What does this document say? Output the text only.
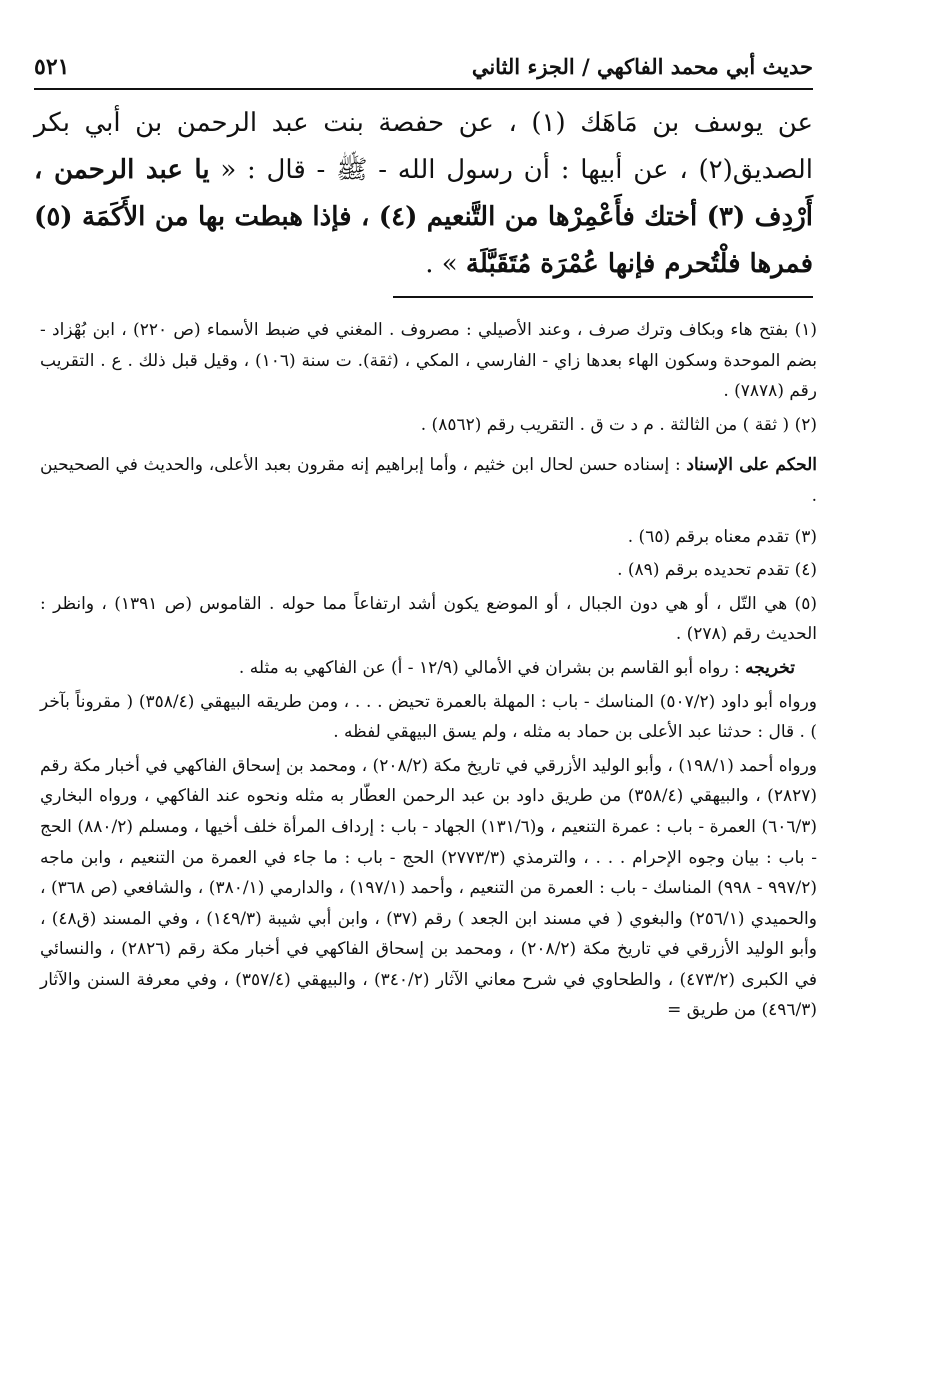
حديث أبي محمد الفاكهي / الجزء الثاني
٥٢١

عن يوسف بن مَاهَك (١) ، عن حفصة بنت عبد الرحمن بن أبي بكر الصديق(٢) ، عن أبيها : أن رسول الله - ﷺ - قال : « يا عبد الرحمن ، أَرْدِف (٣) أختك فأَعْمِرْها من التَّنعيم (٤) ، فإذا هبطت بها من الأَكَمَة (٥) فمرها فلْتُحرم فإنها عُمْرَة مُتَقَبَّلَة » .

(١) بفتح هاء وبكاف وترك صرف ، وعند الأصيلي : مصروف . المغني في ضبط الأسماء (ص ٢٢٠) ، ابن بُهْزاد - بضم الموحدة وسكون الهاء بعدها زاي - الفارسي ، المكي ، (ثقة). ت سنة (١٠٦) ، وقيل قبل ذلك . ع . التقريب رقم (٧٨٧٨) .

(٢) ( ثقة ) من الثالثة . م د ت ق . التقريب رقم (٨٥٦٢) .

الحكم على الإسناد : إسناده حسن لحال ابن خثيم ، وأما إبراهيم إنه مقرون بعبد الأعلى، والحديث في الصحيحين .

(٣) تقدم معناه برقم (٦٥) .

(٤) تقدم تحديده برقم (٨٩) .

(٥) هي التّل ، أو هي دون الجبال ، أو الموضع يكون أشد ارتفاعاً مما حوله . القاموس (ص ١٣٩١) ، وانظر : الحديث رقم (٢٧٨) .

تخريجه : رواه أبو القاسم بن بشران في الأمالي (١٢/٩ - أ) عن الفاكهي به مثله .

ورواه أبو داود (٥٠٧/٢) المناسك - باب : المهلة بالعمرة تحيض . . . ، ومن طريقه البيهقي (٣٥٨/٤) ( مقروناً بآخر ) . قال : حدثنا عبد الأعلى بن حماد به مثله ، ولم يسق البيهقي لفظه .

ورواه أحمد (١٩٨/١) ، وأبو الوليد الأزرقي في تاريخ مكة (٢٠٨/٢) ، ومحمد بن إسحاق الفاكهي في أخبار مكة رقم (٢٨٢٧) ، والبيهقي (٣٥٨/٤) من طريق داود بن عبد الرحمن العطّار به مثله ونحوه عند الفاكهي ، ورواه البخاري (٦٠٦/٣) العمرة - باب : عمرة التنعيم ، و(١٣١/٦) الجهاد - باب : إرداف المرأة خلف أخيها ، ومسلم (٨٨٠/٢) الحج - باب : بيان وجوه الإحرام . . . ، والترمذي (٢٧٧٣/٣) الحج - باب : ما جاء في العمرة من التنعيم ، وابن ماجه (٩٩٧/٢ - ٩٩٨) المناسك - باب : العمرة من التنعيم ، وأحمد (١٩٧/١) ، والدارمي (٣٨٠/١) ، والشافعي (ص ٣٦٨) ، والحميدي (٢٥٦/١) والبغوي ( في مسند ابن الجعد ) رقم (٣٧) ، وابن أبي شيبة (١٤٩/٣) ، وفي المسند (ق٤٨) ، وأبو الوليد الأزرقي في تاريخ مكة (٢٠٨/٢) ، ومحمد بن إسحاق الفاكهي في أخبار مكة رقم (٢٨٢٦) ، والنسائي في الكبرى (٤٧٣/٢) ، والطحاوي في شرح معاني الآثار (٣٤٠/٢) ، والبيهقي (٣٥٧/٤) ، وفي معرفة السنن والآثار (٤٩٦/٣) من طريق =
